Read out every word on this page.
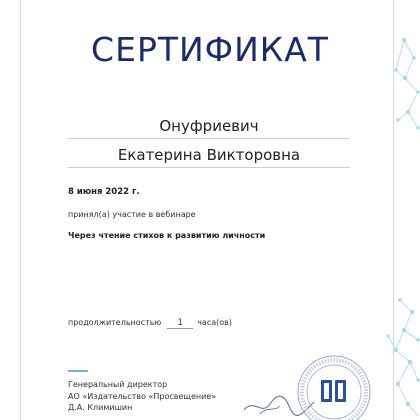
СЕРТИФИКАТ
Онуфриевич
Екатерина Викторовна
8 июня 2022 г.
принял(а) участие в вебинаре
Через чтение стихов к развитию личности
продолжительностью	1	часа(ов)
Генеральный директор
АО «Издательство «Просвещение»
Д.А. Климишин
